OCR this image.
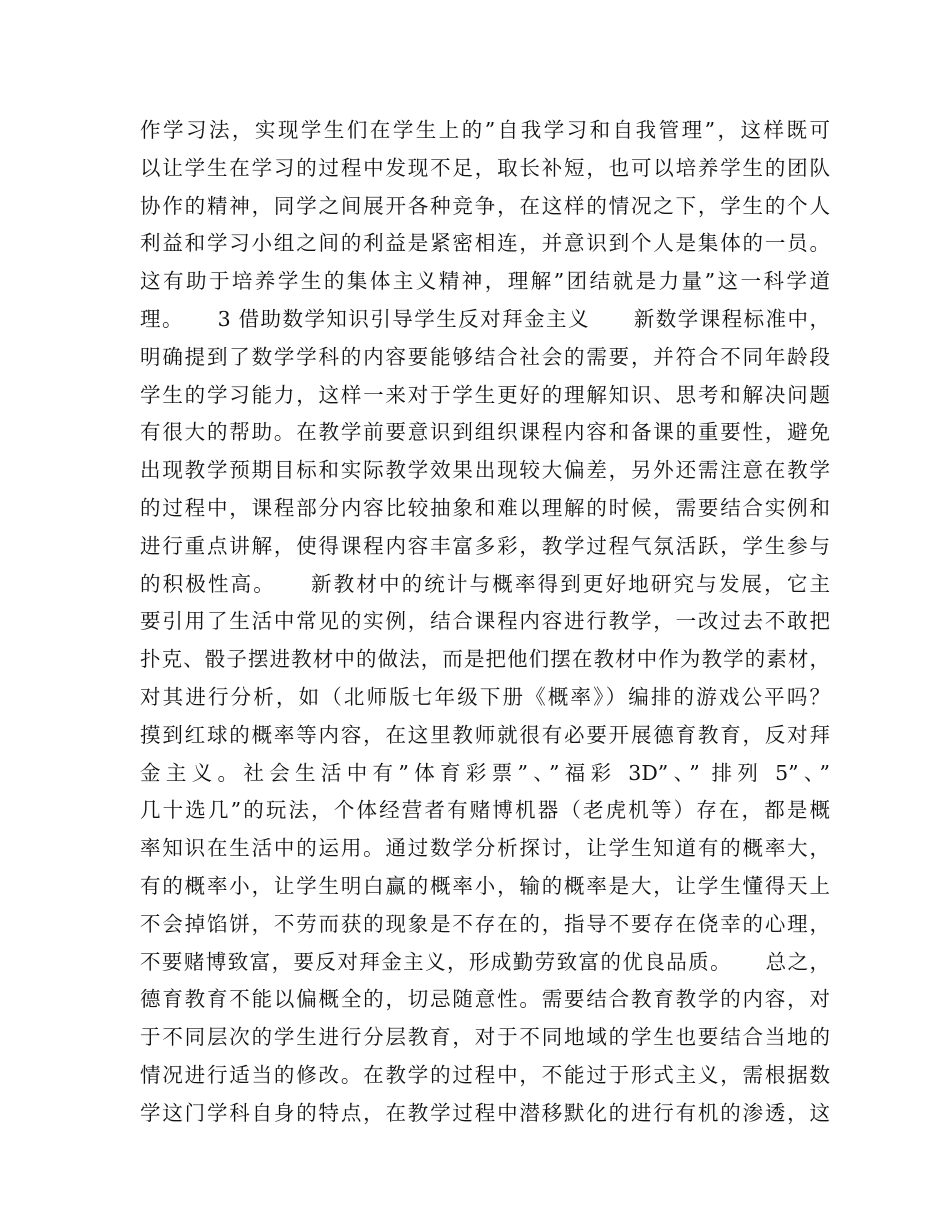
作学习法，实现学生们在学生上的”自我学习和自我管理”，这样既可
以让学生在学习的过程中发现不足，取长补短，也可以培养学生的团队
协作的精神，同学之间展开各种竞争，在这样的情况之下，学生的个人
利益和学习小组之间的利益是紧密相连，并意识到个人是集体的一员。
这有助于培养学生的集体主义精神，理解”团结就是力量”这一科学道
理。　　3 借助数学知识引导学生反对拜金主义　　新数学课程标准中，
明确提到了数学学科的内容要能够结合社会的需要，并符合不同年龄段
学生的学习能力，这样一来对于学生更好的理解知识、思考和解决问题
有很大的帮助。在教学前要意识到组织课程内容和备课的重要性，避免
出现教学预期目标和实际教学效果出现较大偏差，另外还需注意在教学
的过程中，课程部分内容比较抽象和难以理解的时候，需要结合实例和
进行重点讲解，使得课程内容丰富多彩，教学过程气氛活跃，学生参与
的积极性高。　　新教材中的统计与概率得到更好地研究与发展，它主
要引用了生活中常见的实例，结合课程内容进行教学，一改过去不敢把
扑克、骰子摆进教材中的做法，而是把他们摆在教材中作为教学的素材，
对其进行分析，如（北师版七年级下册《概率》）编排的游戏公平吗？
摸到红球的概率等内容，在这里教师就很有必要开展德育教育，反对拜
金主义。社会生活中有”体育彩票”、”福彩 3D”、” 排列 5”、”
几十选几”的玩法，个体经营者有赌博机器（老虎机等）存在，都是概
率知识在生活中的运用。通过数学分析探讨，让学生知道有的概率大，
有的概率小，让学生明白赢的概率小，输的概率是大，让学生懂得天上
不会掉馅饼，不劳而获的现象是不存在的，指导不要存在侥幸的心理，
不要赌博致富，要反对拜金主义，形成勤劳致富的优良品质。　　总之，
德育教育不能以偏概全的，切忌随意性。需要结合教育教学的内容，对
于不同层次的学生进行分层教育，对于不同地域的学生也要结合当地的
情况进行适当的修改。在教学的过程中，不能过于形式主义，需根据数
学这门学科自身的特点，在教学过程中潜移默化的进行有机的渗透，这
